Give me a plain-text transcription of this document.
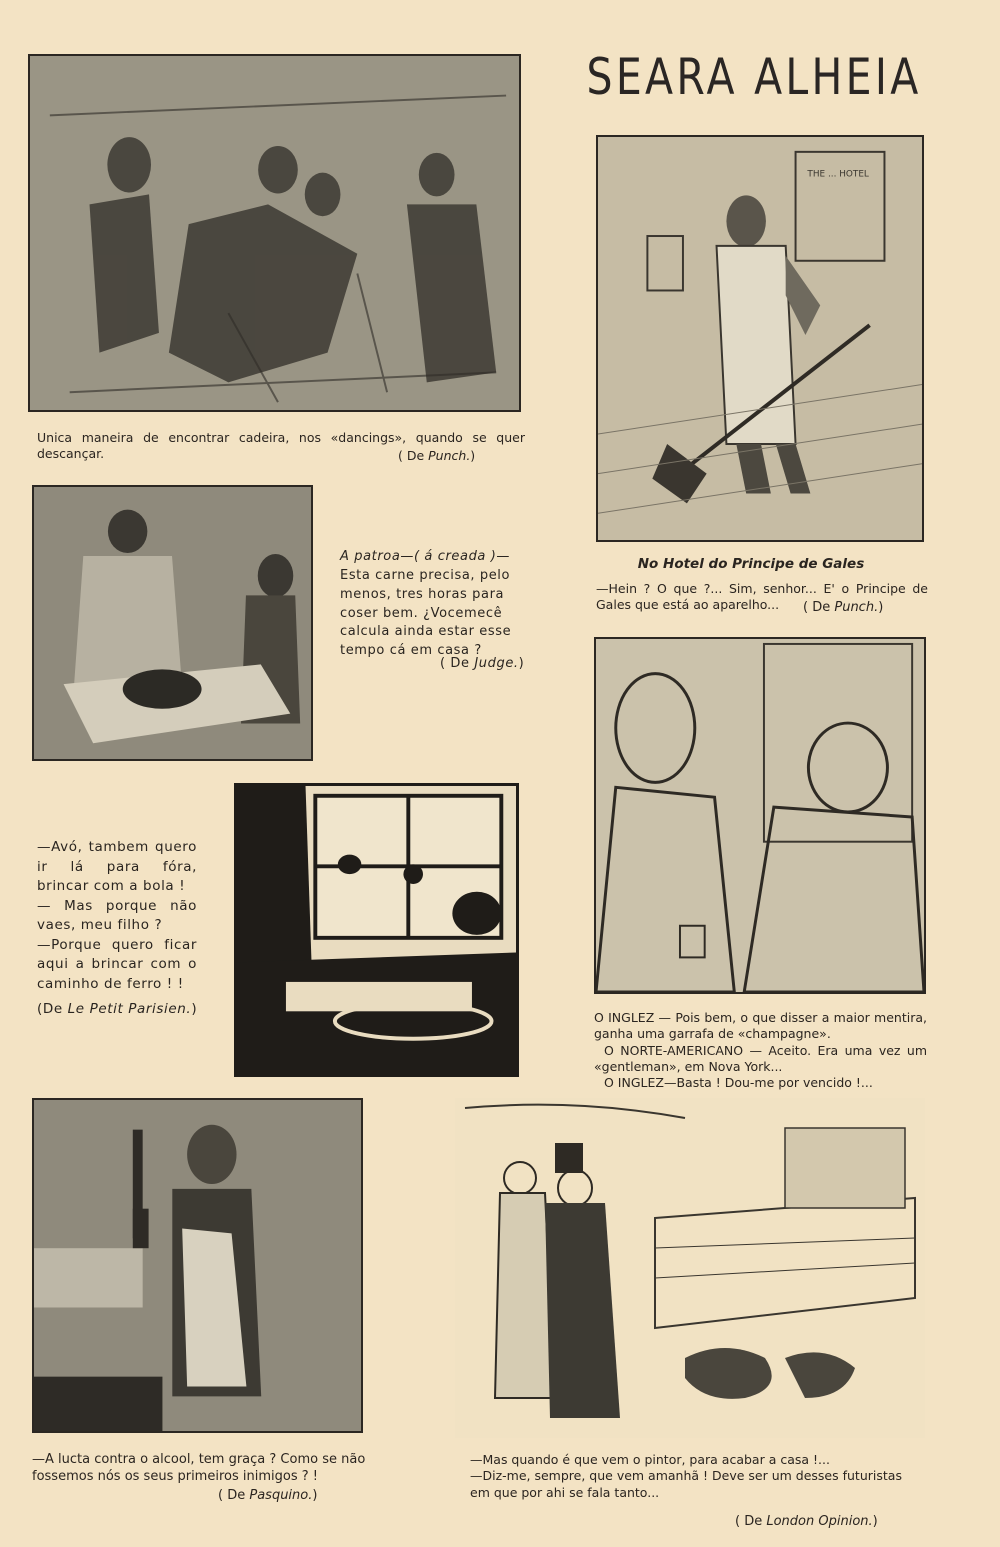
SEARA ALHEIA
Unica maneira de encontrar cadeira, nos «dancings», quando se quer descançar.	( De Punch.)
A patroa—( á creada )— Esta carne precisa, pelo menos, tres horas para coser bem. ¿Vocemecê calcula ainda estar esse tempo cá em casa ?
( De Judge.)
THE ... HOTEL
No Hotel do Principe de Gales
—Hein ? O que ?... Sim, senhor... E' o Principe de Gales que está ao aparelho...	( De Punch.)
—Avó, tambem quero ir lá para fóra, brincar com a bola !
— Mas porque não vaes, meu filho ?
—Porque quero ficar aqui a brincar com o caminho de ferro ! !
(De Le Petit Parisien.)
O INGLEZ — Pois bem, o que disser a maior mentira, ganha uma garrafa de «champagne».
O NORTE-AMERICANO — Aceito. Era uma vez um «gentleman», em Nova York...
O INGLEZ—Basta ! Dou-me por vencido !...
—A lucta contra o alcool, tem graça ? Como se não fossemos nós os seus primeiros inimigos ? !
( De Pasquino.)
—Mas quando é que vem o pintor, para acabar a casa !...
—Diz-me, sempre, que vem amanhã ! Deve ser um desses futuristas em que por ahi se fala tanto...
( De London Opinion.)
